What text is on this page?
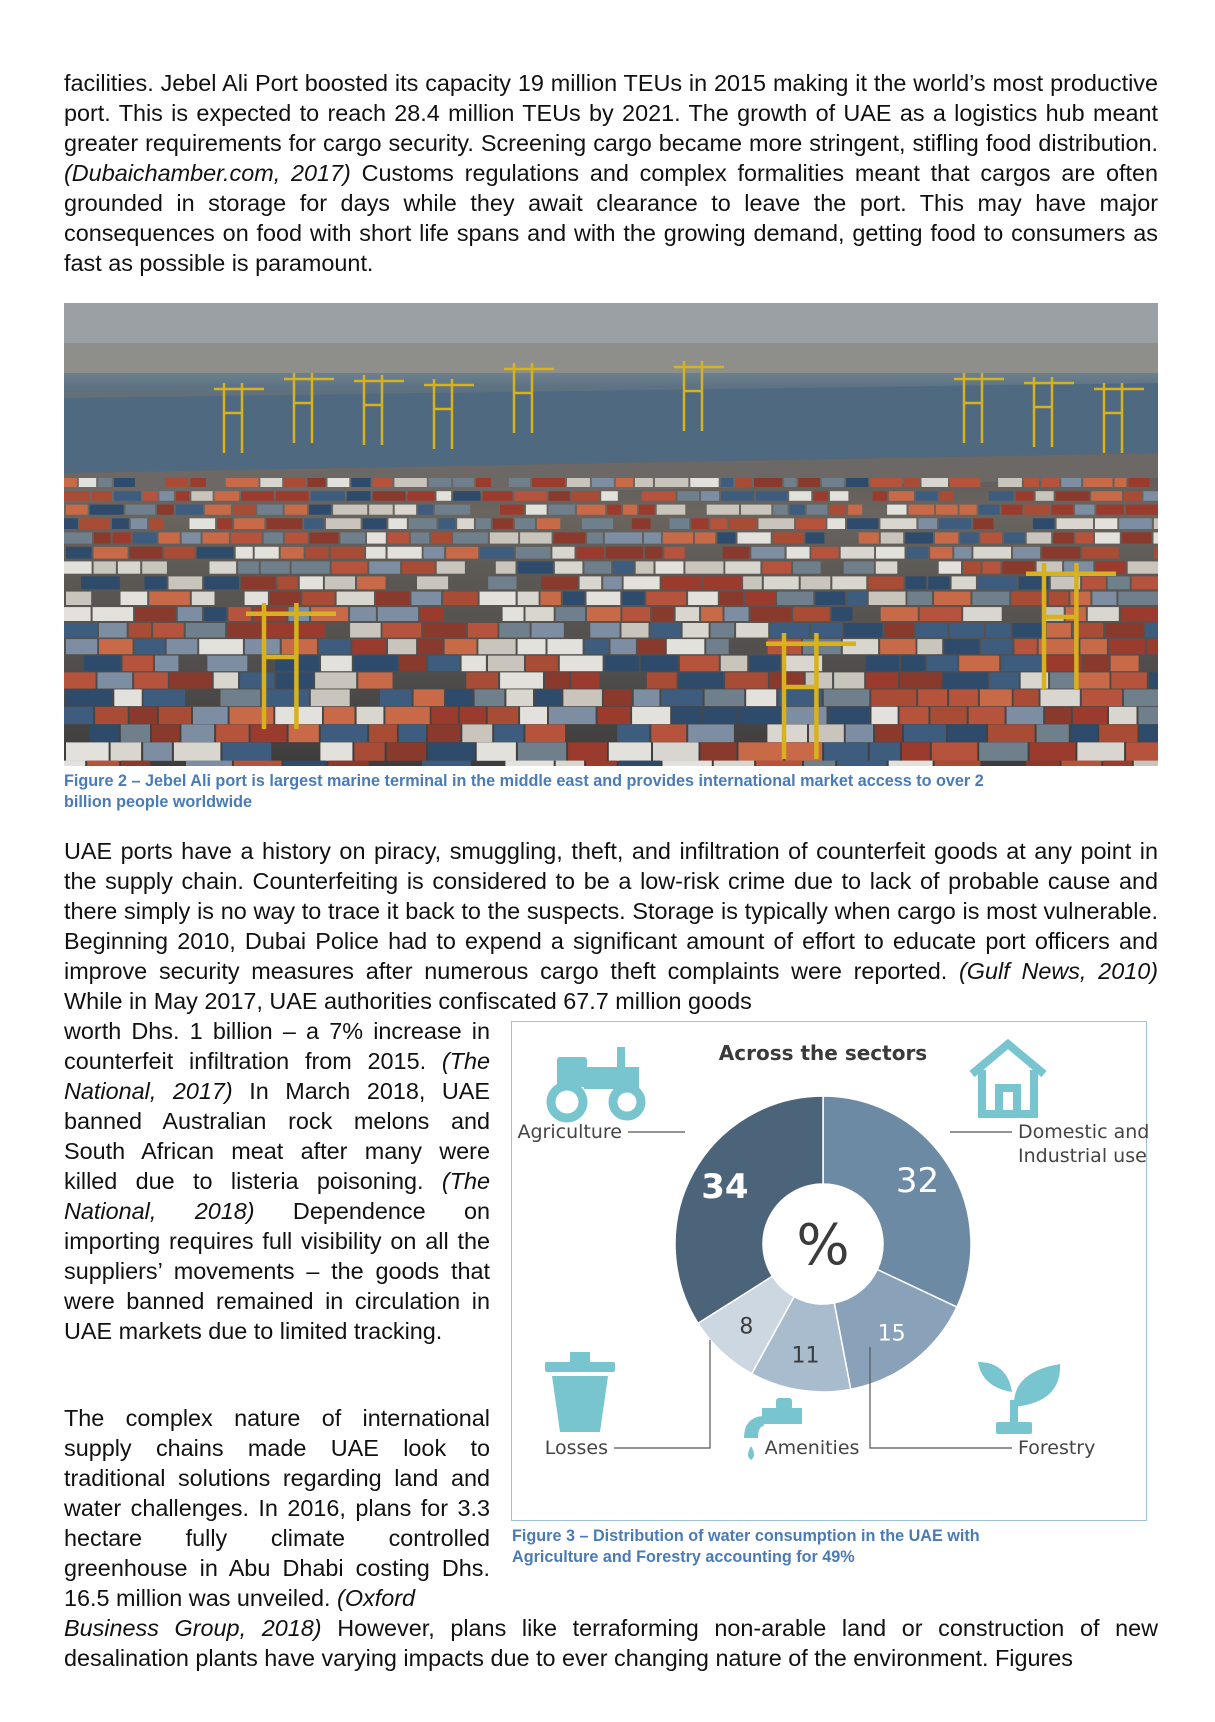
facilities. Jebel Ali Port boosted its capacity 19 million TEUs in 2015 making it the world’s most productive port. This is expected to reach 28.4 million TEUs by 2021. The growth of UAE as a logistics hub meant greater requirements for cargo security. Screening cargo became more stringent, stifling food distribution. (Dubaichamber.com, 2017) Customs regulations and complex formalities meant that cargos are often grounded in storage for days while they await clearance to leave the port. This may have major consequences on food with short life spans and with the growing demand, getting food to consumers as fast as possible is paramount.

Figure 2 – Jebel Ali port is largest marine terminal in the middle east and provides international market access to over 2
billion people worldwide

UAE ports have a history on piracy, smuggling, theft, and infiltration of counterfeit goods at any point in the supply chain. Counterfeiting is considered to be a low-risk crime due to lack of probable cause and there simply is no way to trace it back to the suspects. Storage is typically when cargo is most vulnerable. Beginning 2010, Dubai Police had to expend a significant amount of effort to educate port officers and improve security measures after numerous cargo theft complaints were reported. (Gulf News, 2010) While in May 2017, UAE authorities confiscated 67.7 million goods

worth Dhs. 1 billion – a 7% increase in counterfeit infiltration from 2015. (The National, 2017) In March 2018, UAE banned Australian rock melons and South African meat after many were killed due to listeria poisoning. (The National, 2018) Dependence on importing requires full visibility on all the suppliers’ movements – the goods that were banned remained in circulation in UAE markets due to limited tracking.

The complex nature of international supply chains made UAE look to traditional solutions regarding land and water challenges. In 2016, plans for 3.3 hectare fully climate controlled greenhouse in Abu Dhabi costing Dhs. 16.5 million was unveiled. (Oxford

Business Group, 2018) However, plans like terraforming non-arable land or construction of new desalination plants have varying impacts due to ever changing nature of the environment. Figures

Across the sectors
%
32
15
11
8
34
Domestic and
Industrial use
Forestry
Amenities
Losses
Agriculture

Figure 3 – Distribution of water consumption in the UAE with
Agriculture and Forestry accounting for 49%
